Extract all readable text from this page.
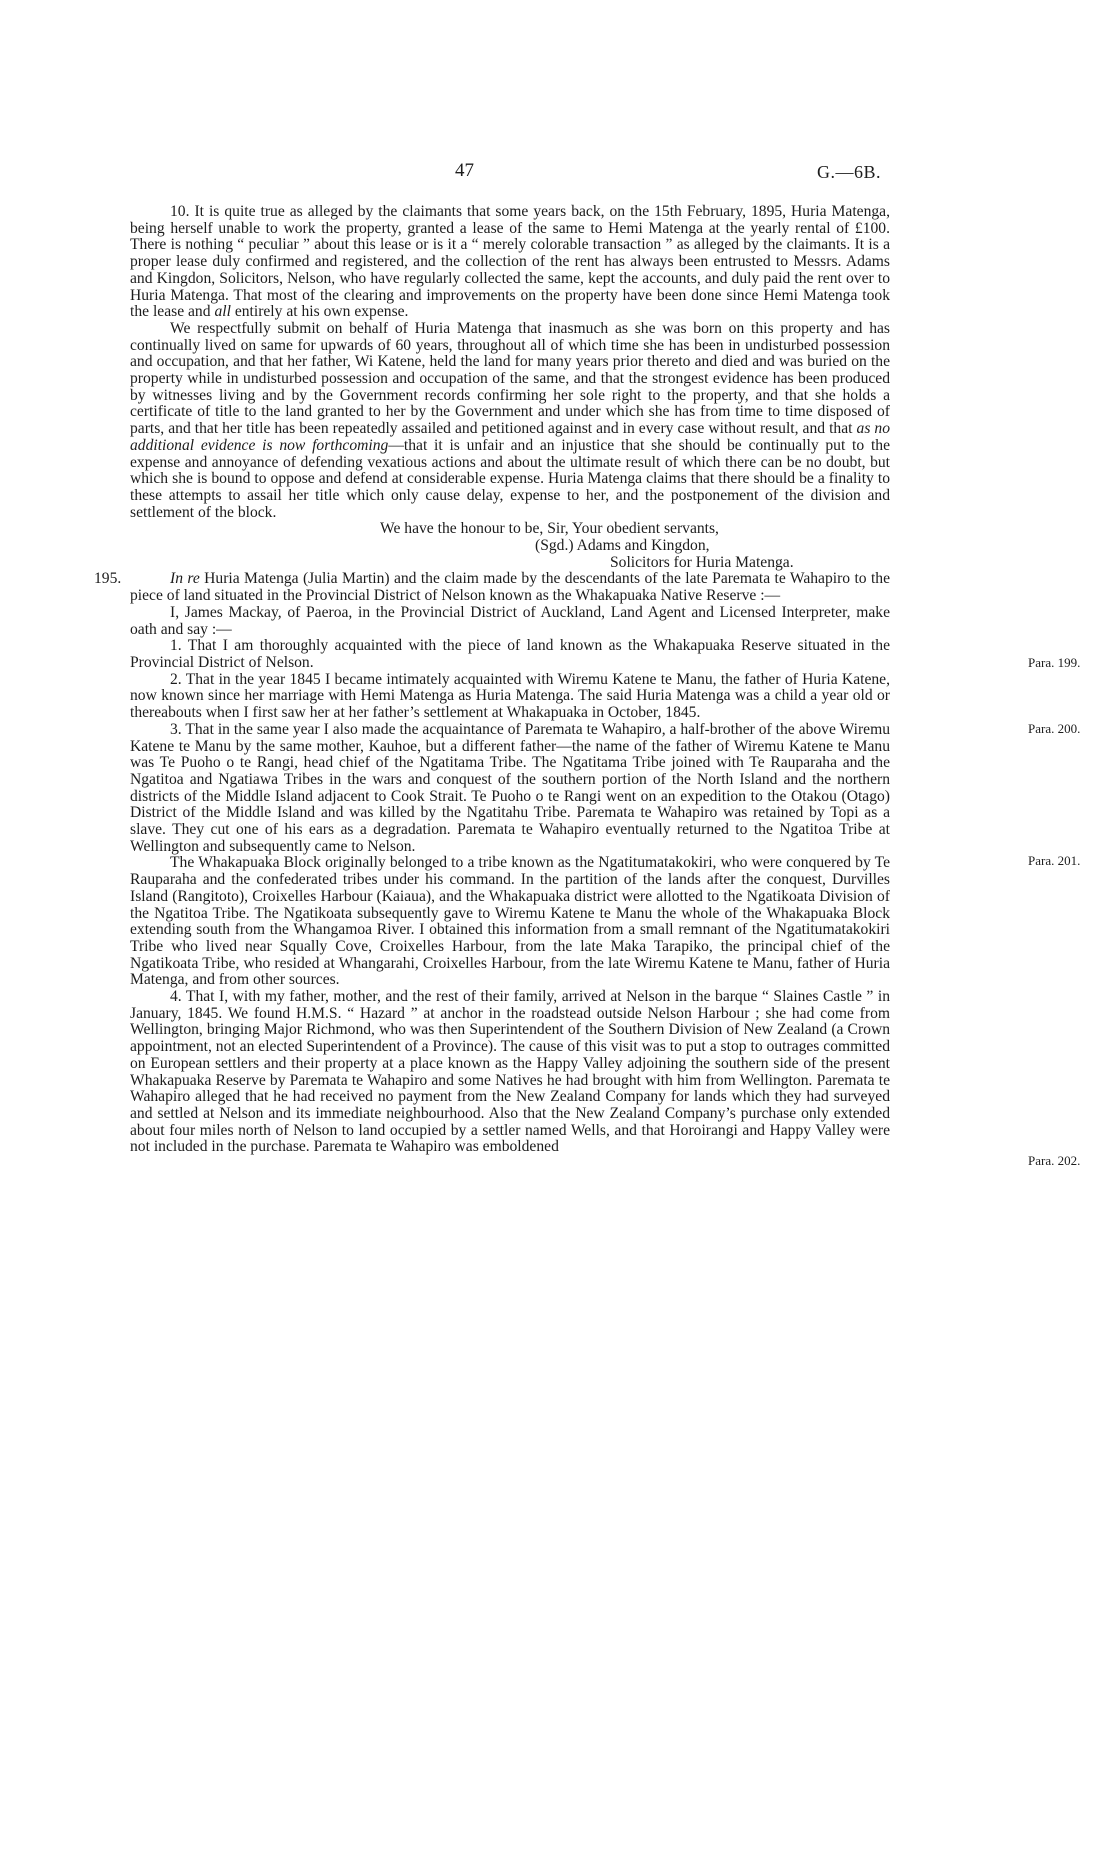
47	G.—6B.

10. It is quite true as alleged by the claimants that some years back, on the 15th February, 1895, Huria Matenga, being herself unable to work the property, granted a lease of the same to Hemi Matenga at the yearly rental of £100. There is nothing “ peculiar ” about this lease or is it a “ merely colorable transaction ” as alleged by the claimants. It is a proper lease duly confirmed and registered, and the collection of the rent has always been entrusted to Messrs. Adams and Kingdon, Solicitors, Nelson, who have regularly collected the same, kept the accounts, and duly paid the rent over to Huria Matenga. That most of the clearing and improvements on the property have been done since Hemi Matenga took the lease and all entirely at his own expense.

We respectfully submit on behalf of Huria Matenga that inasmuch as she was born on this property and has continually lived on same for upwards of 60 years, throughout all of which time she has been in undisturbed possession and occupation, and that her father, Wi Katene, held the land for many years prior thereto and died and was buried on the property while in undisturbed possession and occupation of the same, and that the strongest evidence has been produced by witnesses living and by the Government records confirming her sole right to the property, and that she holds a certificate of title to the land granted to her by the Government and under which she has from time to time disposed of parts, and that her title has been repeatedly assailed and petitioned against and in every case without result, and that as no additional evidence is now forthcoming—that it is unfair and an injustice that she should be continually put to the expense and annoyance of defending vexatious actions and about the ultimate result of which there can be no doubt, but which she is bound to oppose and defend at considerable expense. Huria Matenga claims that there should be a finality to these attempts to assail her title which only cause delay, expense to her, and the postponement of the division and settlement of the block.

We have the honour to be, Sir, Your obedient servants,

(Sgd.) Adams and Kingdon,

Solicitors for Huria Matenga.

195.
Para. 199.
Para. 200.
Para. 201.
Para. 202.

In re Huria Matenga (Julia Martin) and the claim made by the descendants of the late Paremata te Wahapiro to the piece of land situated in the Provincial District of Nelson known as the Whakapuaka Native Reserve :—

I, James Mackay, of Paeroa, in the Provincial District of Auckland, Land Agent and Licensed Interpreter, make oath and say :—

1. That I am thoroughly acquainted with the piece of land known as the Whakapuaka Reserve situated in the Provincial District of Nelson.

2. That in the year 1845 I became intimately acquainted with Wiremu Katene te Manu, the father of Huria Katene, now known since her marriage with Hemi Matenga as Huria Matenga. The said Huria Matenga was a child a year old or thereabouts when I first saw her at her father’s settlement at Whakapuaka in October, 1845.

3. That in the same year I also made the acquaintance of Paremata te Wahapiro, a half-brother of the above Wiremu Katene te Manu by the same mother, Kauhoe, but a different father—the name of the father of Wiremu Katene te Manu was Te Puoho o te Rangi, head chief of the Ngatitama Tribe. The Ngatitama Tribe joined with Te Rauparaha and the Ngatitoa and Ngatiawa Tribes in the wars and conquest of the southern portion of the North Island and the northern districts of the Middle Island adjacent to Cook Strait. Te Puoho o te Rangi went on an expedition to the Otakou (Otago) District of the Middle Island and was killed by the Ngatitahu Tribe. Paremata te Wahapiro was retained by Topi as a slave. They cut one of his ears as a degradation. Paremata te Wahapiro eventually returned to the Ngatitoa Tribe at Wellington and subsequently came to Nelson.

The Whakapuaka Block originally belonged to a tribe known as the Ngatitumatakokiri, who were conquered by Te Rauparaha and the confederated tribes under his command. In the partition of the lands after the conquest, Durvilles Island (Rangitoto), Croixelles Harbour (Kaiaua), and the Whakapuaka district were allotted to the Ngatikoata Division of the Ngatitoa Tribe. The Ngatikoata subsequently gave to Wiremu Katene te Manu the whole of the Whakapuaka Block extending south from the Whangamoa River. I obtained this information from a small remnant of the Ngatitumatakokiri Tribe who lived near Squally Cove, Croixelles Harbour, from the late Maka Tarapiko, the principal chief of the Ngatikoata Tribe, who resided at Whangarahi, Croixelles Harbour, from the late Wiremu Katene te Manu, father of Huria Matenga, and from other sources.

4. That I, with my father, mother, and the rest of their family, arrived at Nelson in the barque “ Slaines Castle ” in January, 1845. We found H.M.S. “ Hazard ” at anchor in the roadstead outside Nelson Harbour ; she had come from Wellington, bringing Major Richmond, who was then Superintendent of the Southern Division of New Zealand (a Crown appointment, not an elected Superintendent of a Province). The cause of this visit was to put a stop to outrages committed on European settlers and their property at a place known as the Happy Valley adjoining the southern side of the present Whakapuaka Reserve by Paremata te Wahapiro and some Natives he had brought with him from Wellington. Paremata te Wahapiro alleged that he had received no payment from the New Zealand Company for lands which they had surveyed and settled at Nelson and its immediate neighbourhood. Also that the New Zealand Company’s purchase only extended about four miles north of Nelson to land occupied by a settler named Wells, and that Horoirangi and Happy Valley were not included in the purchase. Paremata te Wahapiro was emboldened
